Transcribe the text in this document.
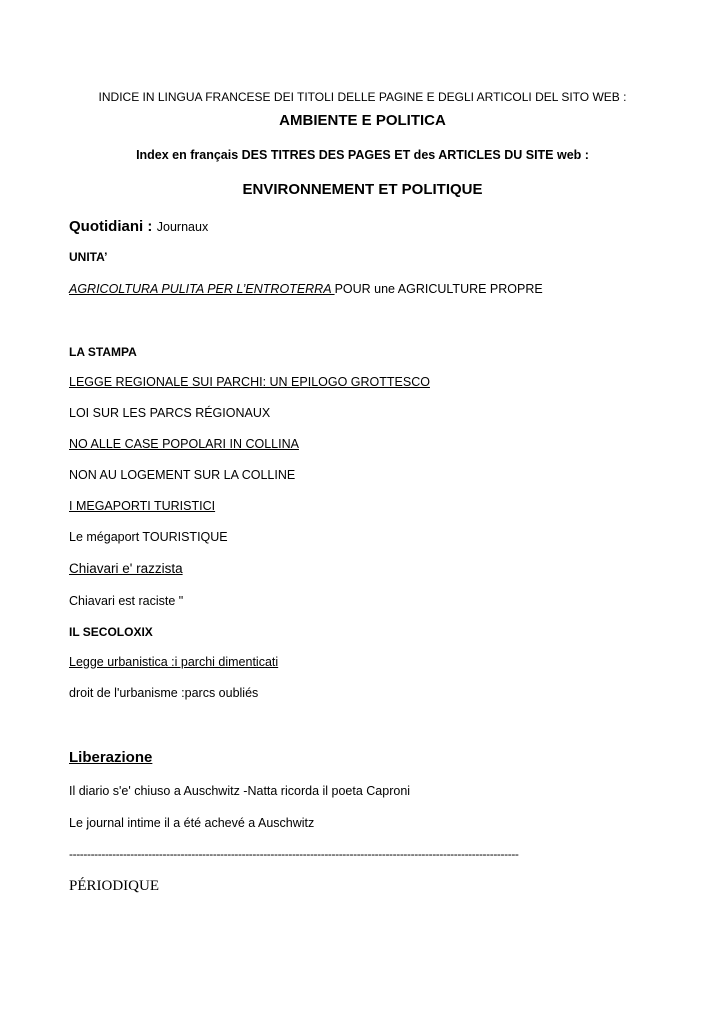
INDICE IN LINGUA FRANCESE DEI TITOLI DELLE PAGINE E DEGLI ARTICOLI DEL SITO WEB :
AMBIENTE E POLITICA
Index en français DES TITRES DES PAGES ET des ARTICLES DU SITE web :
ENVIRONNEMENT ET POLITIQUE
Quotidiani : Journaux
UNITA’
AGRICOLTURA PULITA PER L’ENTROTERRA POUR une AGRICULTURE PROPRE
LA STAMPA
LEGGE REGIONALE SUI PARCHI: UN EPILOGO GROTTESCO
LOI SUR LES PARCS RÉGIONAUX
NO ALLE CASE POPOLARI IN COLLINA
NON AU LOGEMENT SUR LA COLLINE
I MEGAPORTI TURISTICI
Le mégaport TOURISTIQUE
Chiavari e' razzista
Chiavari est raciste "
IL SECOLOXIX
Legge urbanistica :i parchi dimenticati
droit de l'urbanisme :parcs oubliés
Liberazione
Il diario s'e' chiuso a Auschwitz -Natta ricorda il poeta Caproni
Le journal intime il a été achevé a Auschwitz
-----------------------------------------------------------------------------------------------------------------------------
PÉRIODIQUE
